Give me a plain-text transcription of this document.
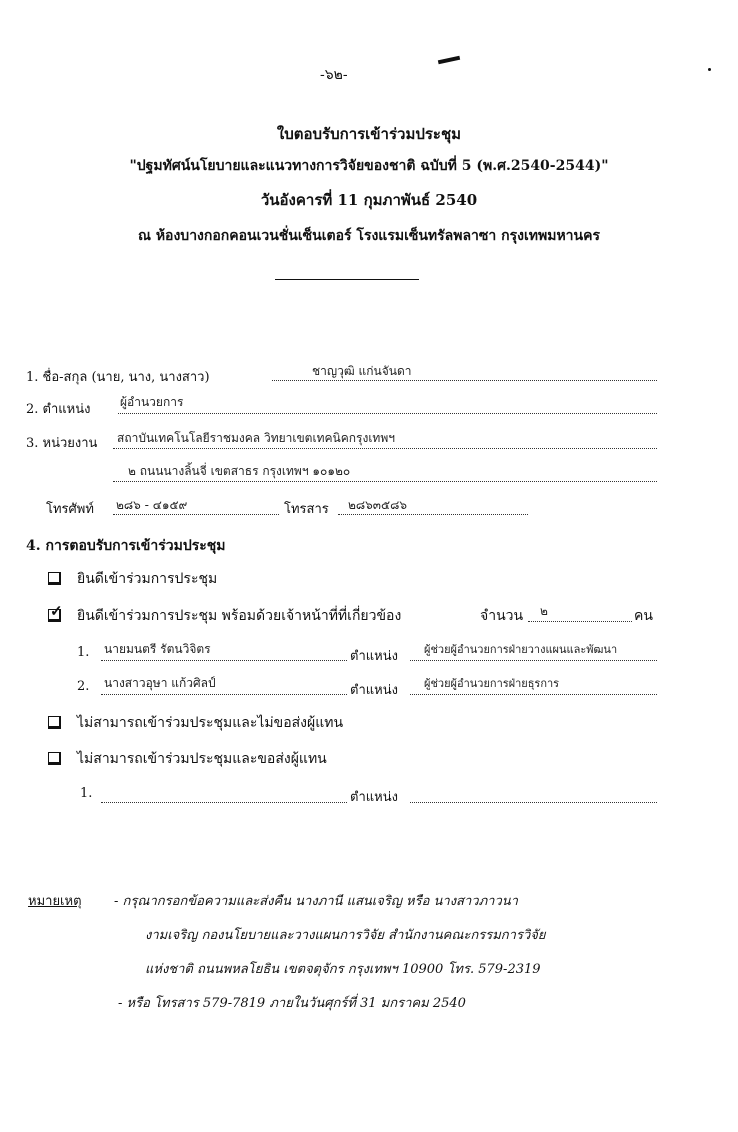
-๖๒-
ใบตอบรับการเข้าร่วมประชุม
"ปฐมทัศน์นโยบายและแนวทางการวิจัยของชาติ ฉบับที่ 5 (พ.ศ.2540-2544)"
วันอังคารที่ 11 กุมภาพันธ์ 2540
ณ ห้องบางกอกคอนเวนชั่นเซ็นเตอร์ โรงแรมเซ็นทรัลพลาซา กรุงเทพมหานคร
1. ชื่อ-สกุล (นาย, นาง, นางสาว)	ชาญวุฒิ แก่นจันดา
2. ตำแหน่ง ผู้อำนวยการ
3. หน่วยงาน สถาบันเทคโนโลยีราชมงคล วิทยาเขตเทคนิคกรุงเทพฯ
๒ ถนนนางลิ้นจี่ เขตสาธร กรุงเทพฯ ๑๐๑๒๐
โทรศัพท์ ๒๘๖ - ๔๑๕๙	โทรสาร ๒๘๖๓๕๘๖
4. การตอบรับการเข้าร่วมประชุม
ยินดีเข้าร่วมการประชุม
✓ ยินดีเข้าร่วมการประชุม พร้อมด้วยเจ้าหน้าที่ที่เกี่ยวข้อง	จำนวน ๒	คน
1. นายมนตรี รัตนวิจิตร	ตำแหน่ง ผู้ช่วยผู้อำนวยการฝ่ายวางแผนและพัฒนา
2. นางสาวอุษา แก้วศิลป์	ตำแหน่ง ผู้ช่วยผู้อำนวยการฝ่ายธุรการ
ไม่สามารถเข้าร่วมประชุมและไม่ขอส่งผู้แทน
ไม่สามารถเข้าร่วมประชุมและขอส่งผู้แทน
1.	ตำแหน่ง
หมายเหตุ - กรุณากรอกข้อความและส่งคืน นางภานี แสนเจริญ หรือ นางสาวภาวนา
งามเจริญ กองนโยบายและวางแผนการวิจัย สำนักงานคณะกรรมการวิจัย
แห่งชาติ ถนนพหลโยธิน เขตจตุจักร กรุงเทพฯ 10900 โทร. 579-2319
- หรือ โทรสาร 579-7819 ภายในวันศุกร์ที่ 31 มกราคม 2540
